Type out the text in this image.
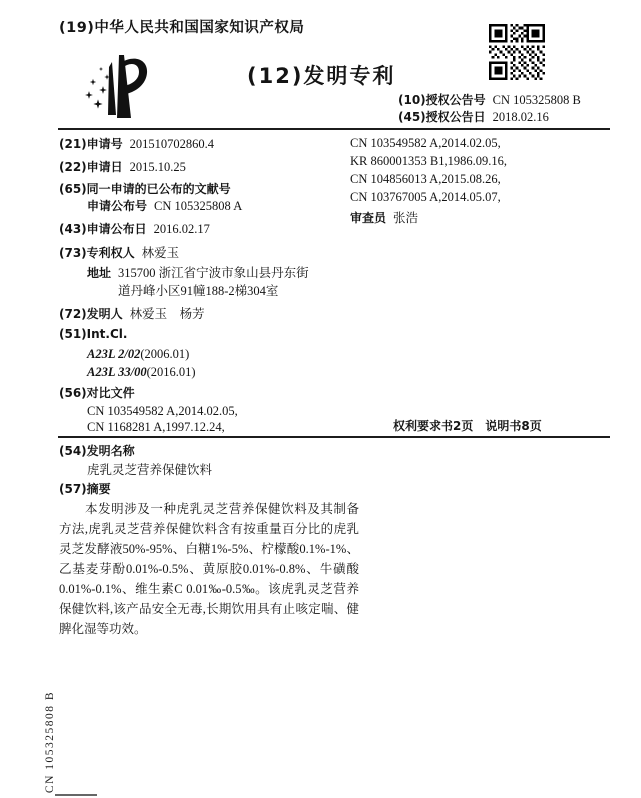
(19)中华人民共和国国家知识产权局
(12)发明专利
(10)授权公告号 CN 105325808 B
(45)授权公告日 2018.02.16
(21)申请号 201510702860.4
(22)申请日 2015.10.25
(65)同一申请的已公布的文献号
申请公布号 CN 105325808 A
(43)申请公布日 2016.02.17
(73)专利权人 林爱玉
地址 315700 浙江省宁波市象山县丹东街
道丹峰小区91幢188-2梯304室
(72)发明人 林爱玉　杨芳
(51)Int.Cl.
A23L 2/02(2006.01)
A23L 33/00(2016.01)
(56)对比文件
CN 103549582 A,2014.02.05,
CN 1168281 A,1997.12.24,
CN 103549582 A,2014.02.05,
KR 860001353 B1,1986.09.16,
CN 104856013 A,2015.08.26,
CN 103767005 A,2014.05.07,
审查员 张浩
权利要求书2页　说明书8页
(54)发明名称
虎乳灵芝营养保健饮料
(57)摘要
本发明涉及一种虎乳灵芝营养保健饮料及其制备方法,虎乳灵芝营养保健饮料含有按重量百分比的虎乳灵芝发酵液50%-95%、白糖1%-5%、柠檬酸0.1%-1%、乙基麦芽酚0.01%-0.5%、黄原胶0.01%-0.8%、牛磺酸0.01%-0.1%、维生素C 0.01‰-0.5‰。该虎乳灵芝营养保健饮料,该产品安全无毒,长期饮用具有止咳定喘、健脾化湿等功效。
CN 105325808 B
